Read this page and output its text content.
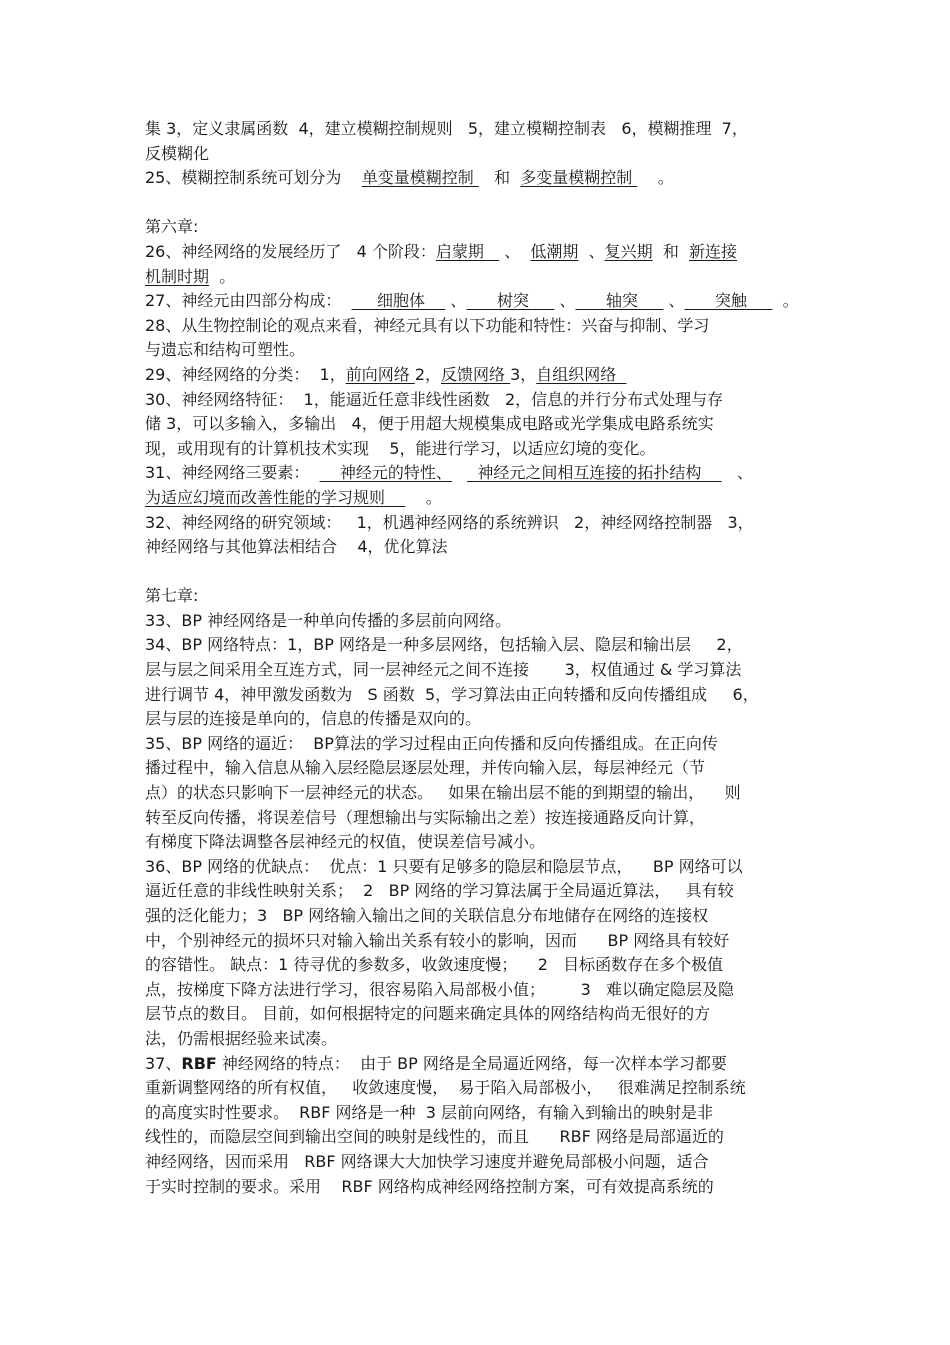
集 3，定义隶属函数  4，建立模糊控制规则   5，建立模糊控制表   6，模糊推理  7，
反模糊化
25、模糊控制系统可划分为    单变量模糊控制    和  多变量模糊控制     。
第六章:
26、神经网络的发展经历了   4 个阶段：启蒙期    、  低潮期  、复兴期  和  新连接
机制时期  。
27、神经元由四部分构成：       细胞体     、      树突      、      轴突      、      突触       。
28、从生物控制论的观点来看，神经元具有以下功能和特性：兴奋与抑制、学习
与遗忘和结构可塑性。
29、神经网络的分类：  1，前向网络 2，反馈网络 3，自组织网络
30、神经网络特征：  1，能逼近任意非线性函数   2，信息的并行分布式处理与存
储 3，可以多输入，多输出   4，便于用超大规模集成电路或光学集成电路系统实
现，或用现有的计算机技术实现    5，能进行学习，以适应幻境的变化。
31、神经网络三要素：      神经元的特性、     神经元之间相互连接的拓扑结构       、
为适应幻境而改善性能的学习规则        。
32、神经网络的研究领域：   1，机遇神经网络的系统辨识   2，神经网络控制器   3，
神经网络与其他算法相结合    4，优化算法
第七章:
33、BP 神经网络是一种单向传播的多层前向网络。
34、BP 网络特点：1，BP 网络是一种多层网络，包括输入层、隐层和输出层     2，
层与层之间采用全互连方式，同一层神经元之间不连接       3，权值通过 & 学习算法
进行调节 4，神甲激发函数为   S 函数  5，学习算法由正向转播和反向传播组成     6，
层与层的连接是单向的，信息的传播是双向的。
35、BP 网络的逼近：  BP算法的学习过程由正向传播和反向传播组成。在正向传
播过程中，输入信息从输入层经隐层逐层处理，并传向输入层，每层神经元（节
点）的状态只影响下一层神经元的状态。   如果在输出层不能的到期望的输出，    则
转至反向传播，将误差信号（理想输出与实际输出之差）按连接通路反向计算，
有梯度下降法调整各层神经元的权值，使误差信号减小。
36、BP 网络的优缺点：  优点：1 只要有足够多的隐层和隐层节点，    BP 网络可以
逼近任意的非线性映射关系；  2   BP 网络的学习算法属于全局逼近算法，   具有较
强的泛化能力；3   BP 网络输入输出之间的关联信息分布地储存在网络的连接权
中，个别神经元的损坏只对输入输出关系有较小的影响，因而      BP 网络具有较好
的容错性。 缺点：1 待寻优的参数多，收敛速度慢；    2   目标函数存在多个极值
点，按梯度下降方法进行学习，很容易陷入局部极小值；       3   难以确定隐层及隐
层节点的数目。 目前，如何根据特定的问题来确定具体的网络结构尚无很好的方
法，仍需根据经验来试凑。
37、RBF 神经网络的特点：  由于 BP 网络是全局逼近网络，每一次样本学习都要
重新调整网络的所有权值，   收敛速度慢，  易于陷入局部极小，   很难满足控制系统
的高度实时性要求。  RBF 网络是一种  3 层前向网络，有输入到输出的映射是非
线性的，而隐层空间到输出空间的映射是线性的，而且      RBF 网络是局部逼近的
神经网络，因而采用   RBF 网络课大大加快学习速度并避免局部极小问题，适合
于实时控制的要求。采用    RBF 网络构成神经网络控制方案，可有效提高系统的
